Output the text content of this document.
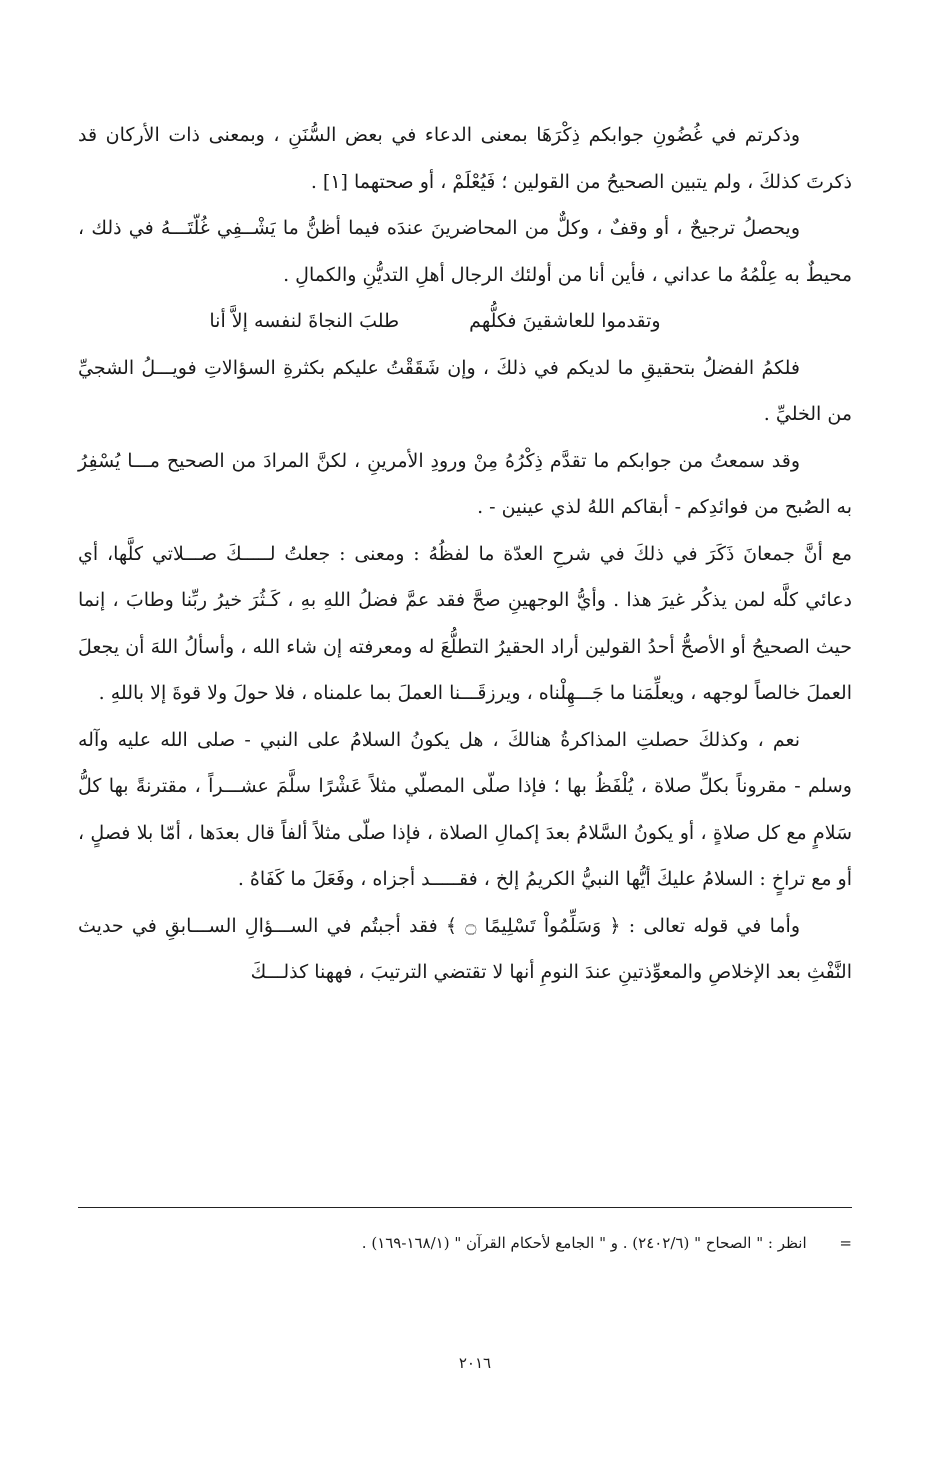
وذكرتم في غُضُونِ جوابكم ذِكْرَهَا بمعنى الدعاء في بعض السُّنَنِ ، وبمعنى ذات الأركان قد ذكرتَ كذلكَ ، ولم يتبين الصحيحُ من القولين ؛ فَيُعْلَمْ ، أو صحتهما [١] .

ويحصلُ ترجيحٌ ، أو وقفٌ ، وكلٌّ من المحاضرينَ عندَه فيما أظنُّ ما يَشْــفِي غُلّتَـــهُ في ذلك ، محيطٌ به عِلْمُهُ ما عداني ، فأين أنا من أولئك الرجال أهلِ التديُّنِ والكمالِ .

وتقدموا للعاشقينَ فكلُّهم
طلبَ النجاةَ لنفسه إلاَّ أنا

فلكمُ الفضلُ بتحقيقِ ما لديكم في ذلكَ ، وإن شَقَقْتُ عليكم بكثرةِ السؤالاتِ فويـــلُ الشجيِّ من الخليِّ .

وقد سمعتُ من جوابكم ما تقدَّم ذِكْرُهُ مِنْ ورودِ الأمرينِ ، لكنَّ المرادَ من الصحيح مـــا يُسْفِرُ به الصُبح من فوائدِكم - أبقاكم اللهُ لذي عينين - .

مع أنَّ جمعانَ ذَكَرَ في ذلكَ في شرحِ العدّة ما لفظُهُ : ومعنى : جعلتُ لـــــكَ صـــلاتي كلَّها، أي دعائي كلَّه لمن يذكُر غيرَ هذا . وأيُّ الوجهينِ صحَّ فقد عمَّ فضلُ اللهِ بهِ ، كَـثُرَ خيرُ ربِّنا وطابَ ، إنما حيث الصحيحُ أو الأصحُّ أحدُ القولين أراد الحقيرُ التطلُّعَ له ومعرفته إن شاء الله ، وأسألُ اللهَ أن يجعلَ العملَ خالصاً لوجهه ، ويعلِّمَنا ما جَـــهِلْناه ، ويرزقَـــنا العملَ بما علمناه ، فلا حولَ ولا قوةَ إلا باللهِ .

نعم ، وكذلكَ حصلتِ المذاكرةُ هنالكَ ، هل يكونُ السلامُ على النبي - صلى الله عليه وآله وسلم - مقروناً بكلِّ صلاة ، يُلْفَظُ بها ؛ فإذا صلّى المصلّي مثلاً عَشْرًا سلَّمَ عشـــراً ، مقترنةً بها كلُّ سَلامٍ مع كل صلاةٍ ، أو يكونُ السَّلامُ بعدَ إكمالِ الصلاة ، فإذا صلّى مثلاً ألفاً قال بعدَها ، أمّا بلا فصلٍ ، أو مع تراخٍ : السلامُ عليكَ أيُّها النبيُّ الكريمُ إلخ ، فقـــــد أجزاه ، وفَعَلَ ما كَفَاهُ .

وأما في قوله تعالى : ﴿ وَسَلِّمُواْ تَسْلِيمًا ۝ ﴾ فقد أجبتُم في الســـؤالِ الســـابقِ في حديث النَّفْثِ بعد الإخلاصِ والمعوِّذتينِ عندَ النومِ أنها لا تقتضي الترتيبَ ، فههنا كذلـــكَ

= انظر : " الصحاح " (٢٤٠٢/٦) . و " الجامع لأحكام القرآن " (١٦٨/١-١٦٩) .
٢٠١٦
